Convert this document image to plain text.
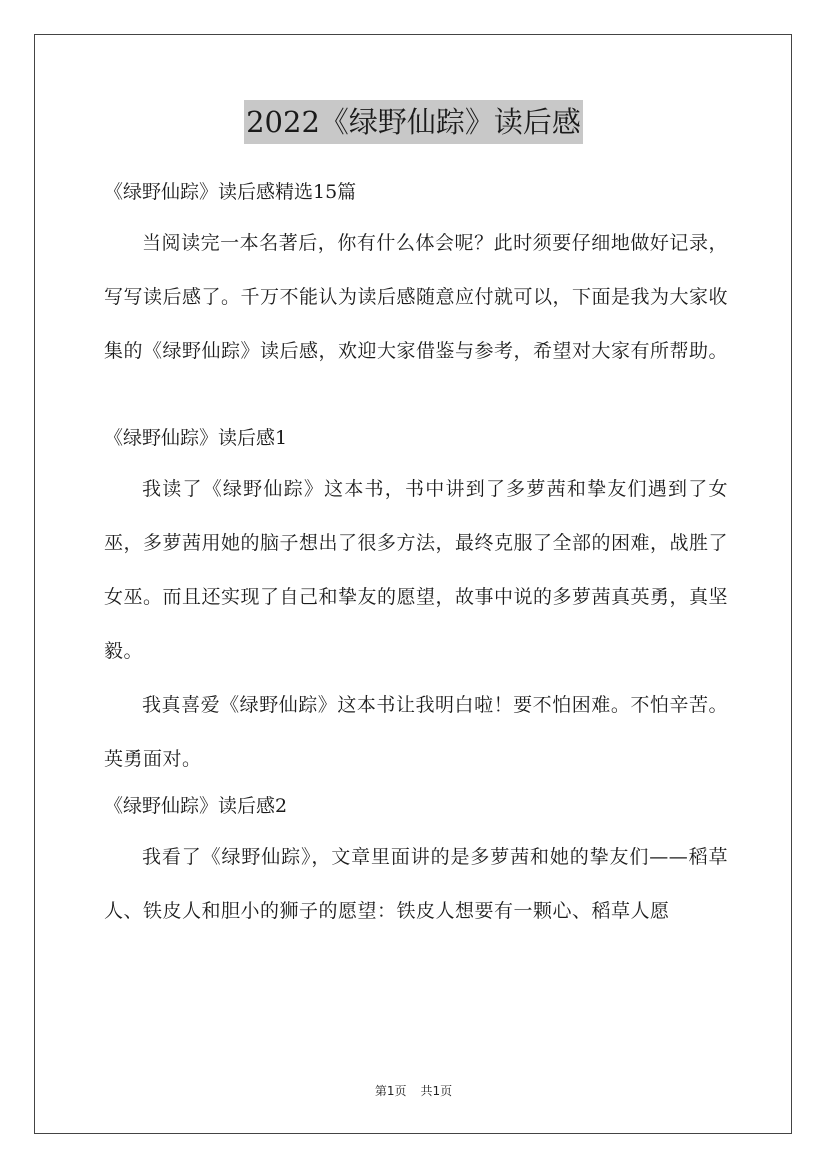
2022《绿野仙踪》读后感

《绿野仙踪》读后感精选15篇

当阅读完一本名著后，你有什么体会呢？此时须要仔细地做好记录，写写读后感了。千万不能认为读后感随意应付就可以，下面是我为大家收集的《绿野仙踪》读后感，欢迎大家借鉴与参考，希望对大家有所帮助。

《绿野仙踪》读后感1

我读了《绿野仙踪》这本书，书中讲到了多萝茜和挚友们遇到了女巫，多萝茜用她的脑子想出了很多方法，最终克服了全部的困难，战胜了女巫。而且还实现了自己和挚友的愿望，故事中说的多萝茜真英勇，真坚毅。

我真喜爱《绿野仙踪》这本书让我明白啦！要不怕困难。不怕辛苦。英勇面对。

《绿野仙踪》读后感2

我看了《绿野仙踪》，文章里面讲的是多萝茜和她的挚友们——稻草人、铁皮人和胆小的狮子的愿望：铁皮人想要有一颗心、稻草人愿

第1页 共1页
